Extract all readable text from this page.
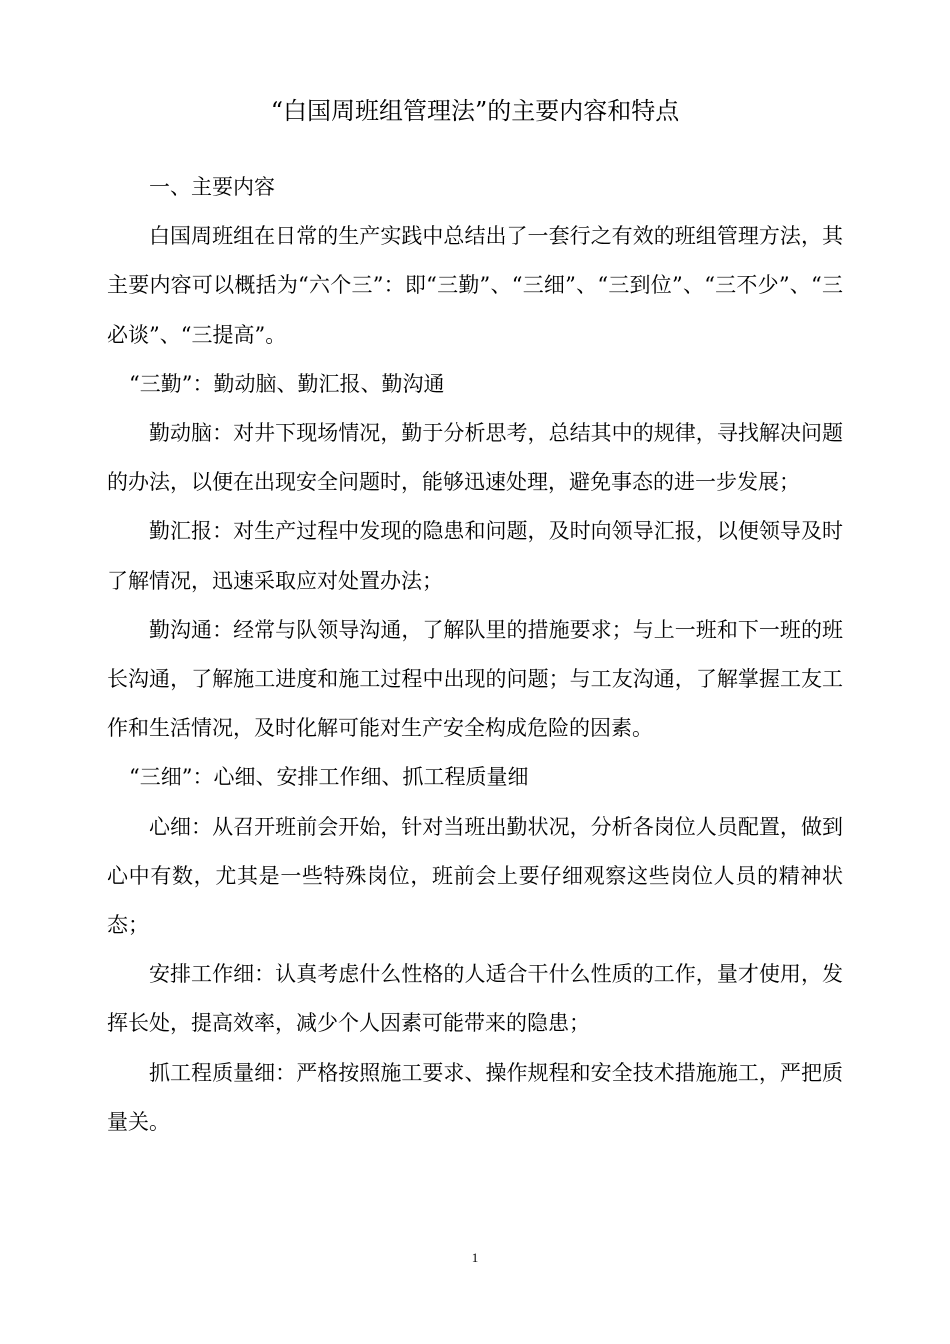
“白国周班组管理法”的主要内容和特点

一、主要内容

白国周班组在日常的生产实践中总结出了一套行之有效的班组管理方法，其主要内容可以概括为“六个三”：即“三勤”、“三细”、“三到位”、“三不少”、“三必谈”、“三提高”。

“三勤”：勤动脑、勤汇报、勤沟通

勤动脑：对井下现场情况，勤于分析思考，总结其中的规律，寻找解决问题的办法，以便在出现安全问题时，能够迅速处理，避免事态的进一步发展；

勤汇报：对生产过程中发现的隐患和问题，及时向领导汇报，以便领导及时了解情况，迅速采取应对处置办法；

勤沟通：经常与队领导沟通，了解队里的措施要求；与上一班和下一班的班长沟通，了解施工进度和施工过程中出现的问题；与工友沟通，了解掌握工友工作和生活情况，及时化解可能对生产安全构成危险的因素。

“三细”：心细、安排工作细、抓工程质量细

心细：从召开班前会开始，针对当班出勤状况，分析各岗位人员配置，做到心中有数，尤其是一些特殊岗位，班前会上要仔细观察这些岗位人员的精神状态；

安排工作细：认真考虑什么性格的人适合干什么性质的工作，量才使用，发挥长处，提高效率，减少个人因素可能带来的隐患；

抓工程质量细：严格按照施工要求、操作规程和安全技术措施施工，严把质量关。

1
